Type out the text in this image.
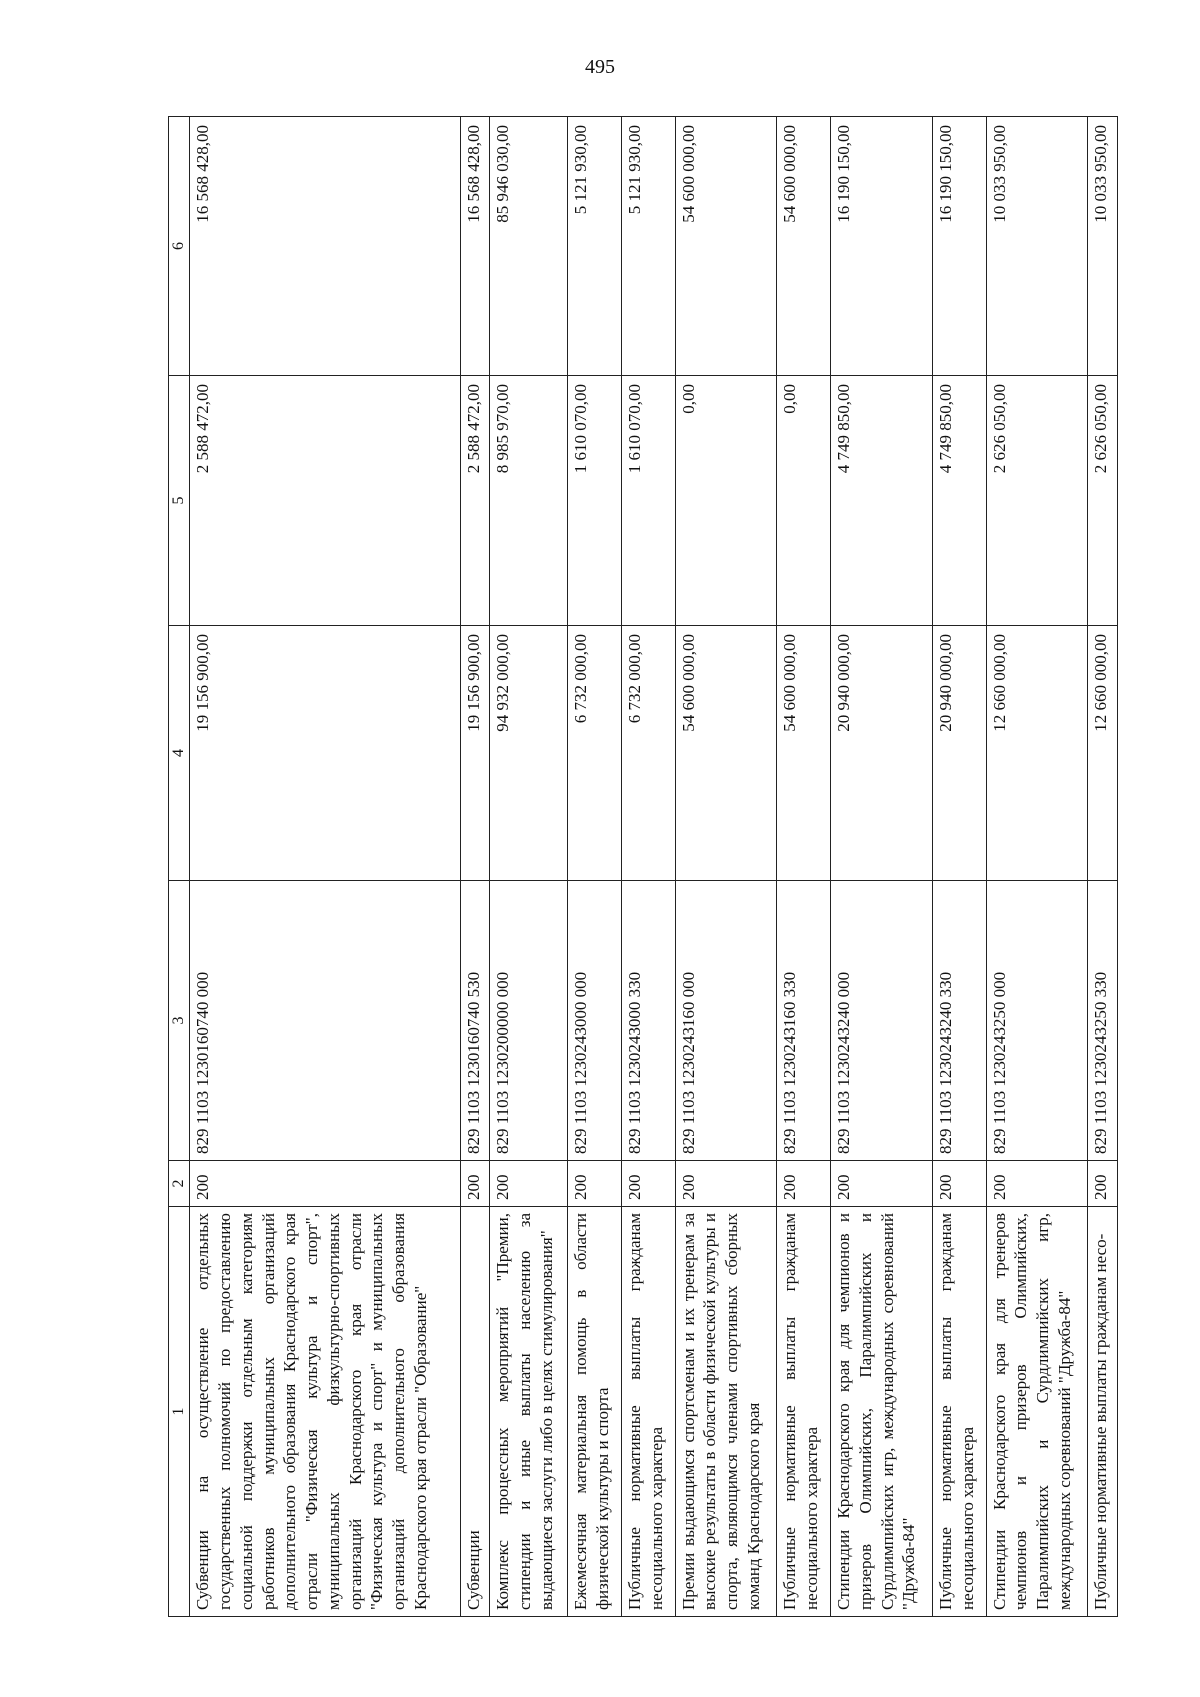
495
1	2	3	4	5	6
Субвенции на осуществление отдельных государственных полномочий по предоставлению социальной поддержки отдельным категориям работников муниципальных организаций дополнительного образования Краснодарского края отрасли "Физическая культура и спорт", муниципальных физкультурно-спортивных организаций Краснодарского края отрасли "Физическая культура и спорт" и муниципальных организаций дополнительного образования Краснодарского края отрасли "Образование"	200	829 1103 1230160740 000	19 156 900,00	2 588 472,00	16 568 428,00
Субвенции	200	829 1103 1230160740 530	19 156 900,00	2 588 472,00	16 568 428,00
Комплекс процессных мероприятий "Премии, стипендии и иные выплаты населению за выдающиеся заслуги либо в целях стимулирования"	200	829 1103 1230200000 000	94 932 000,00	8 985 970,00	85 946 030,00
Ежемесячная материальная помощь в области физической культуры и спорта	200	829 1103 1230243000 000	6 732 000,00	1 610 070,00	5 121 930,00
Публичные нормативные выплаты гражданам несоциального характера	200	829 1103 1230243000 330	6 732 000,00	1 610 070,00	5 121 930,00
Премии выдающимся спортсменам и их тренерам за высокие результаты в области физической культуры и спорта, являющимся членами спортивных сборных команд Краснодарского края	200	829 1103 1230243160 000	54 600 000,00	0,00	54 600 000,00
Публичные нормативные выплаты гражданам несоциального характера	200	829 1103 1230243160 330	54 600 000,00	0,00	54 600 000,00
Стипендии Краснодарского края для чемпионов и призеров Олимпийских, Паралимпийских и Сурдлимпийских игр, международных соревнований "Дружба-84"	200	829 1103 1230243240 000	20 940 000,00	4 749 850,00	16 190 150,00
Публичные нормативные выплаты гражданам несоциального характера	200	829 1103 1230243240 330	20 940 000,00	4 749 850,00	16 190 150,00
Стипендии Краснодарского края для тренеров чемпионов и призеров Олимпийских, Паралимпийских и Сурдлимпийских игр, международных соревнований "Дружба-84"	200	829 1103 1230243250 000	12 660 000,00	2 626 050,00	10 033 950,00
Публичные нормативные выплаты гражданам несо-	200	829 1103 1230243250 330	12 660 000,00	2 626 050,00	10 033 950,00
